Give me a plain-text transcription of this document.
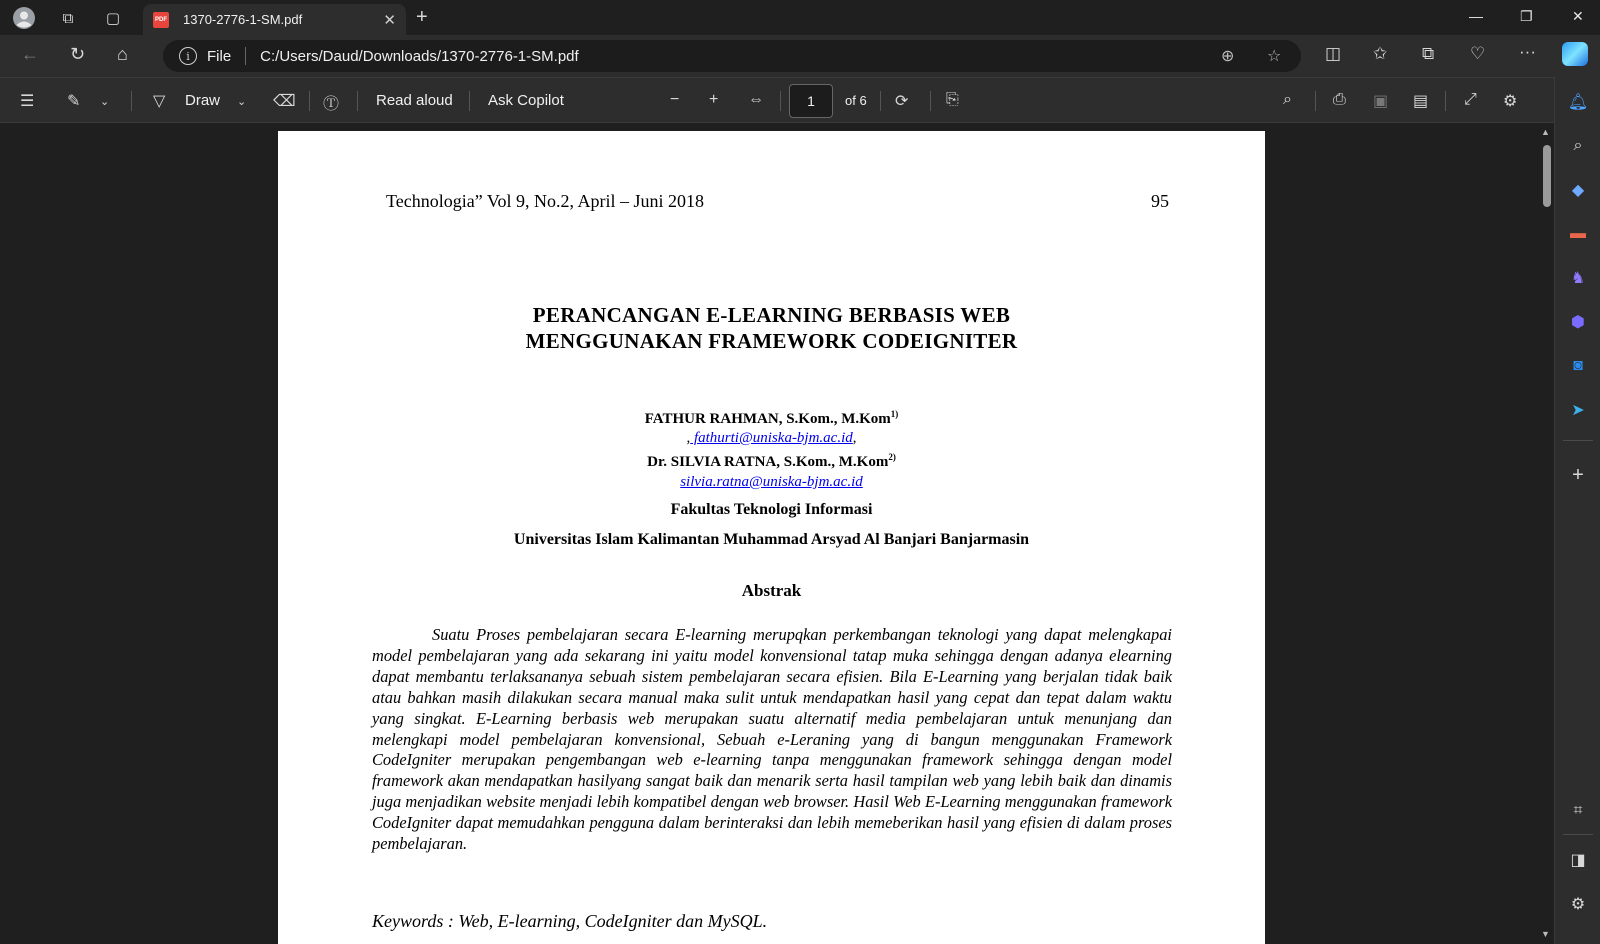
⧉	▢	PDF 1370-2776-1-SM.pdf	✕ +	—	❐	✕
← ↻ ⌂	i	File C:/Users/Daud/Downloads/1370-2776-1-SM.pdf	⊕ ☆	◫ ✩ ⧉ ♡ ···
☰ ✎ ⌄	▽ Draw ⌄ ⌫ Ⓣ Read aloud Ask Copilot	− + ⇔
1	of 6 ⟳ ⎘	⌕	⎙ ▣ ▤ ⤢ ⚙	🔔︎
⌕
◆
▬
♞
⬢
◙
➤
+
⌗
◨
⚙
Technologia” Vol 9, No.2, April – Juni 2018	95
PERANCANGAN E-LEARNING BERBASIS WEB
MENGGUNAKAN FRAMEWORK CODEIGNITER
FATHUR RAHMAN, S.Kom., M.Kom$^{1)}$
, fathurti@uniska-bjm.ac.id,
Dr. SILVIA RATNA, S.Kom., M.Kom$^{2)}$
silvia.ratna@uniska-bjm.ac.id
Fakultas Teknologi Informasi
Universitas Islam Kalimantan Muhammad Arsyad Al Banjari Banjarmasin
Abstrak
Suatu Proses pembelajaran secara E-learning merupqkan perkembangan teknologi yang dapat melengkapai model pembelajaran yang ada sekarang ini yaitu model konvensional tatap muka sehingga dengan adanya elearning dapat membantu terlaksananya sebuah sistem pembelajaran secara efisien. Bila E-Learning yang berjalan tidak baik atau bahkan masih dilakukan secara manual maka sulit untuk mendapatkan hasil yang cepat dan tepat dalam waktu yang singkat. E-Learning berbasis web merupakan suatu alternatif media pembelajaran untuk menunjang dan melengkapi model pembelajaran konvensional, Sebuah e-Leraning yang di bangun menggunakan Framework CodeIgniter merupakan pengembangan web e-learning tanpa menggunakan framework sehingga dengan model framework akan mendapatkan hasilyang sangat baik dan menarik serta hasil tampilan web yang lebih baik dan dinamis juga menjadikan website menjadi lebih kompatibel dengan web browser. Hasil Web E-Learning menggunakan framework CodeIgniter dapat memudahkan pengguna dalam berinteraksi dan lebih memeberikan hasil yang efisien di dalam proses pembelajaran.
Keywords : Web, E-learning, CodeIgniter dan MySQL.
▲
▼
